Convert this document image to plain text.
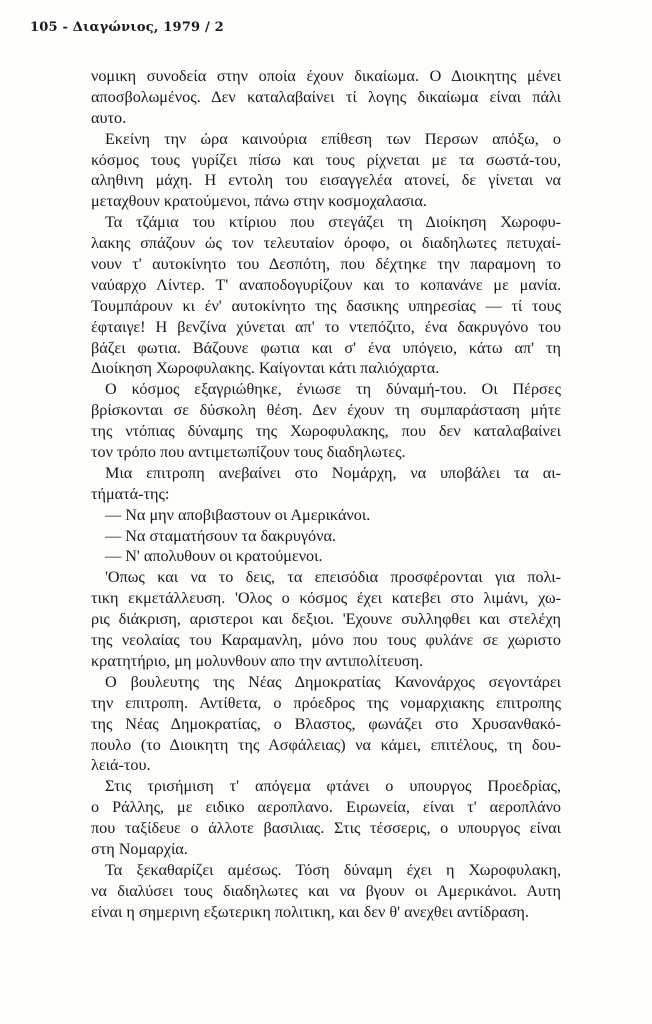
105 - Διαγώνιος, 1979 / 2
νομικη συνοδεία στην οποία έχουν δικαίωμα. Ο Διοικητης μένει
αποσβολωμένος. Δεν καταλαβαίνει τί λογης δικαίωμα είναι πάλι
αυτο.
Εκείνη την ώρα καινούρια επίθεση των Περσων απόξω, ο
κόσμος τους γυρίζει πίσω και τους ρίχνεται με τα σωστά-του,
αληθινη μάχη. Η εντολη του εισαγγελέα ατονεί, δε γίνεται να
μεταχθουν κρατούμενοι, πάνω στην κοσμοχαλασια.
Τα τζάμια του κτίριου που στεγάζει τη Διοίκηση Χωροφυ-
λακης σπάζουν ώς τον τελευταίον όροφο, οι διαδηλωτες πετυχαί-
νουν τ' αυτοκίνητο του Δεσπότη, που δέχτηκε την παραμονη το
ναύαρχο Λίντερ. Τ' αναποδογυρίζουν και το κοπανάνε με μανία.
Τουμπάρουν κι έν' αυτοκίνητο της δασικης υπηρεσίας — τί τους
έφταιγε! Η βενζίνα χύνεται απ' το ντεπόζιτο, ένα δακρυγόνο του
βάζει φωτια. Βάζουνε φωτια και σ' ένα υπόγειο, κάτω απ' τη
Διοίκηση Χωροφυλακης. Καίγονται κάτι παλιόχαρτα.
Ο κόσμος εξαγριώθηκε, ένιωσε τη δύναμή-του. Οι Πέρσες
βρίσκονται σε δύσκολη θέση. Δεν έχουν τη συμπαράσταση μήτε
της ντόπιας δύναμης της Χωροφυλακης, που δεν καταλαβαίνει
τον τρόπο που αντιμετωπίζουν τους διαδηλωτες.
Μια επιτροπη ανεβαίνει στο Νομάρχη, να υποβάλει τα αι-
τήματά-της:
— Να μην αποβιβαστουν οι Αμερικάνοι.
— Να σταματήσουν τα δακρυγόνα.
— Ν' απολυθουν οι κρατούμενοι.
'Οπως και να το δεις, τα επεισόδια προσφέρονται για πολι-
τικη εκμετάλλευση. 'Ολος ο κόσμος έχει κατεβει στο λιμάνι, χω-
ρις διάκριση, αριστεροι και δεξιοι. 'Εχουνε συλληφθει και στελέχη
της νεολαίας του Καραμανλη, μόνο που τους φυλάνε σε χωριστο
κρατητήριο, μη μολυνθουν απο την αντιπολίτευση.
Ο βουλευτης της Νέας Δημοκρατίας Κανονάρχος σεγοντάρει
την επιτροπη. Αντίθετα, ο πρόεδρος της νομαρχιακης επιτροπης
της Νέας Δημοκρατίας, ο Βλαστος, φωνάζει στο Χρυσανθακό-
πουλο (το Διοικητη της Ασφάλειας) να κάμει, επιτέλους, τη δου-
λειά-του.
Στις τρισήμιση τ' απόγεμα φτάνει ο υπουργος Προεδρίας,
ο Ράλλης, με ειδικο αεροπλανο. Ειρωνεία, είναι τ' αεροπλάνο
που ταξίδευε ο άλλοτε βασιλιας. Στις τέσσερις, ο υπουργος είναι
στη Νομαρχία.
Τα ξεκαθαρίζει αμέσως. Τόση δύναμη έχει η Χωροφυλακη,
να διαλύσει τους διαδηλωτες και να βγουν οι Αμερικάνοι. Αυτη
είναι η σημερινη εξωτερικη πολιτικη, και δεν θ' ανεχθει αντίδραση.
